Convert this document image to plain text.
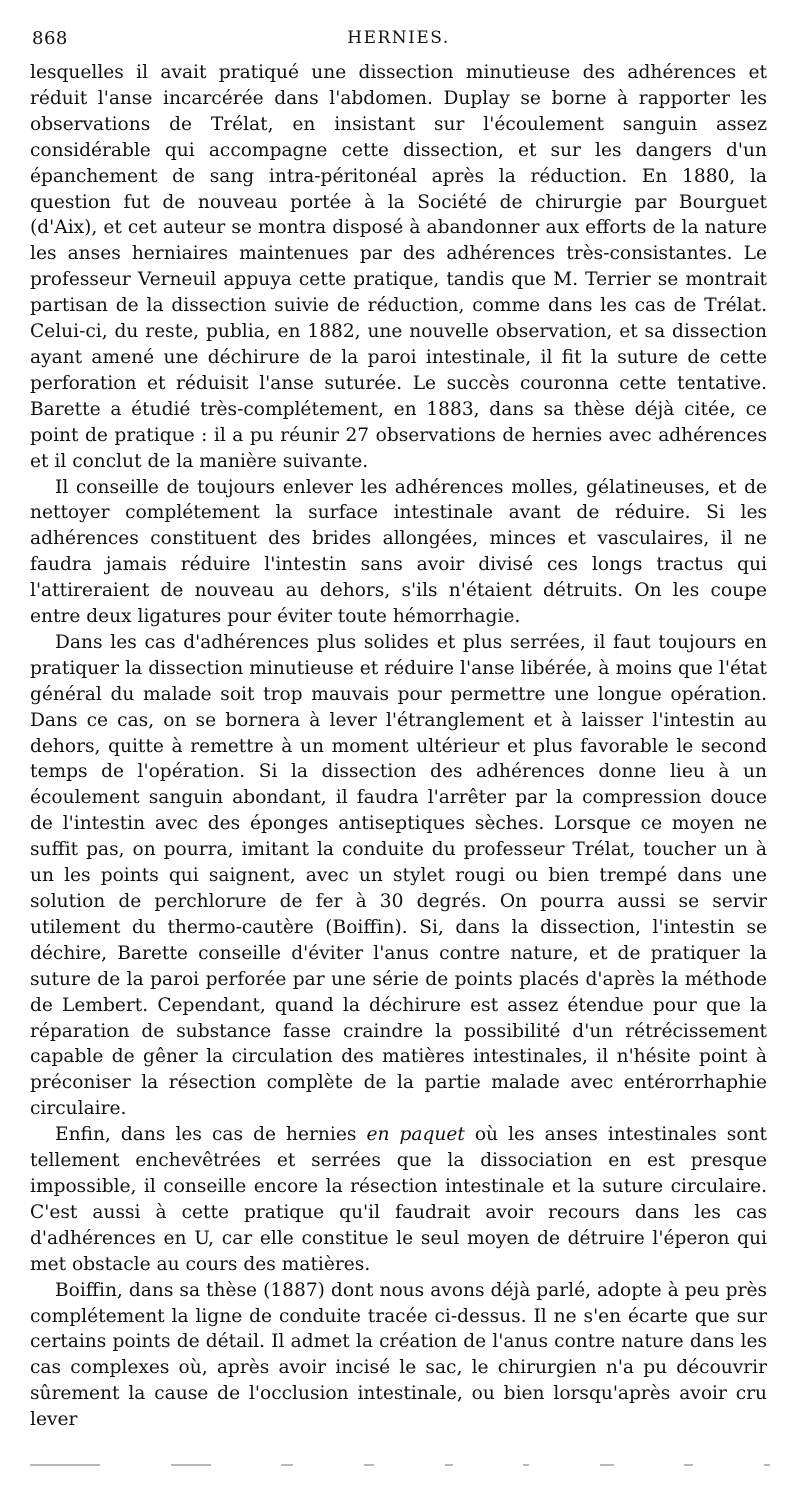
868	HERNIES.

lesquelles il avait pratiqué une dissection minutieuse des adhérences et réduit l'anse incarcérée dans l'abdomen. Duplay se borne à rapporter les observations de Trélat, en insistant sur l'écoulement sanguin assez considérable qui accompagne cette dissection, et sur les dangers d'un épanchement de sang intra-péritonéal après la réduction. En 1880, la question fut de nouveau portée à la Société de chirurgie par Bourguet (d'Aix), et cet auteur se montra disposé à abandonner aux efforts de la nature les anses herniaires maintenues par des adhérences très-consistantes. Le professeur Verneuil appuya cette pratique, tandis que M. Terrier se montrait partisan de la dissection suivie de réduction, comme dans les cas de Trélat. Celui-ci, du reste, publia, en 1882, une nouvelle observation, et sa dissection ayant amené une déchirure de la paroi intestinale, il fit la suture de cette perforation et réduisit l'anse suturée. Le succès couronna cette tentative. Barette a étudié très-complétement, en 1883, dans sa thèse déjà citée, ce point de pratique : il a pu réunir 27 observations de hernies avec adhérences et il conclut de la manière suivante.

Il conseille de toujours enlever les adhérences molles, gélatineuses, et de nettoyer complétement la surface intestinale avant de réduire. Si les adhérences constituent des brides allongées, minces et vasculaires, il ne faudra jamais réduire l'intestin sans avoir divisé ces longs tractus qui l'attireraient de nouveau au dehors, s'ils n'étaient détruits. On les coupe entre deux ligatures pour éviter toute hémorrhagie.

Dans les cas d'adhérences plus solides et plus serrées, il faut toujours en pratiquer la dissection minutieuse et réduire l'anse libérée, à moins que l'état général du malade soit trop mauvais pour permettre une longue opération. Dans ce cas, on se bornera à lever l'étranglement et à laisser l'intestin au dehors, quitte à remettre à un moment ultérieur et plus favorable le second temps de l'opération. Si la dissection des adhérences donne lieu à un écoulement sanguin abondant, il faudra l'arrêter par la compression douce de l'intestin avec des éponges antiseptiques sèches. Lorsque ce moyen ne suffit pas, on pourra, imitant la conduite du professeur Trélat, toucher un à un les points qui saignent, avec un stylet rougi ou bien trempé dans une solution de perchlorure de fer à 30 degrés. On pourra aussi se servir utilement du thermo-cautère (Boiffin). Si, dans la dissection, l'intestin se déchire, Barette conseille d'éviter l'anus contre nature, et de pratiquer la suture de la paroi perforée par une série de points placés d'après la méthode de Lembert. Cependant, quand la déchirure est assez étendue pour que la réparation de substance fasse craindre la possibilité d'un rétrécissement capable de gêner la circulation des matières intestinales, il n'hésite point à préconiser la résection complète de la partie malade avec entérorrhaphie circulaire.

Enfin, dans les cas de hernies en paquet où les anses intestinales sont tellement enchevêtrées et serrées que la dissociation en est presque impossible, il conseille encore la résection intestinale et la suture circulaire. C'est aussi à cette pratique qu'il faudrait avoir recours dans les cas d'adhérences en U, car elle constitue le seul moyen de détruire l'éperon qui met obstacle au cours des matières.

Boiffin, dans sa thèse (1887) dont nous avons déjà parlé, adopte à peu près complétement la ligne de conduite tracée ci-dessus. Il ne s'en écarte que sur certains points de détail. Il admet la création de l'anus contre nature dans les cas complexes où, après avoir incisé le sac, le chirurgien n'a pu découvrir sûrement la cause de l'occlusion intestinale, ou bien lorsqu'après avoir cru lever
